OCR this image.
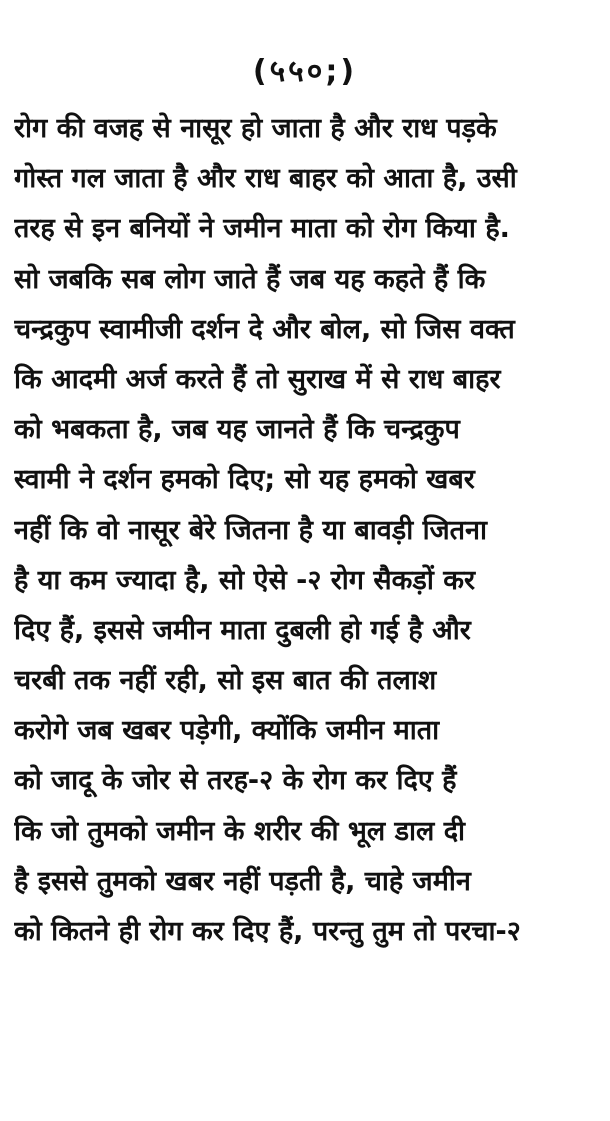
(५५०;)
रोग की वजह से नासूर हो जाता है और राध पड़के
गोस्त गल जाता है और राध बाहर को आता है, उसी
तरह से इन बनियों ने जमीन माता को रोग किया है.
सो जबकि सब लोग जाते हैं जब यह कहते हैं कि
चन्द्रकुप स्वामीजी दर्शन दे और बोल, सो जिस वक्त
कि आदमी अर्ज करते हैं तो सुराख में से राध बाहर
को भबकता है, जब यह जानते हैं कि चन्द्रकुप
स्वामी ने दर्शन हमको दिए; सो यह हमको खबर
नहीं कि वो नासूर बेरे जितना है या बावड़ी जितना
है या कम ज्यादा है, सो ऐसे -२ रोग सैकड़ों कर
दिए हैं, इससे जमीन माता दुबली हो गई है और
चरबी तक नहीं रही, सो इस बात की तलाश
करोगे जब खबर पड़ेगी, क्योंकि जमीन माता
को जादू के जोर से तरह-२ के रोग कर दिए हैं
कि जो तुमको जमीन के शरीर की भूल डाल दी
है इससे तुमको खबर नहीं पड़ती है, चाहे जमीन
को कितने ही रोग कर दिए हैं, परन्तु तुम तो परचा-२
